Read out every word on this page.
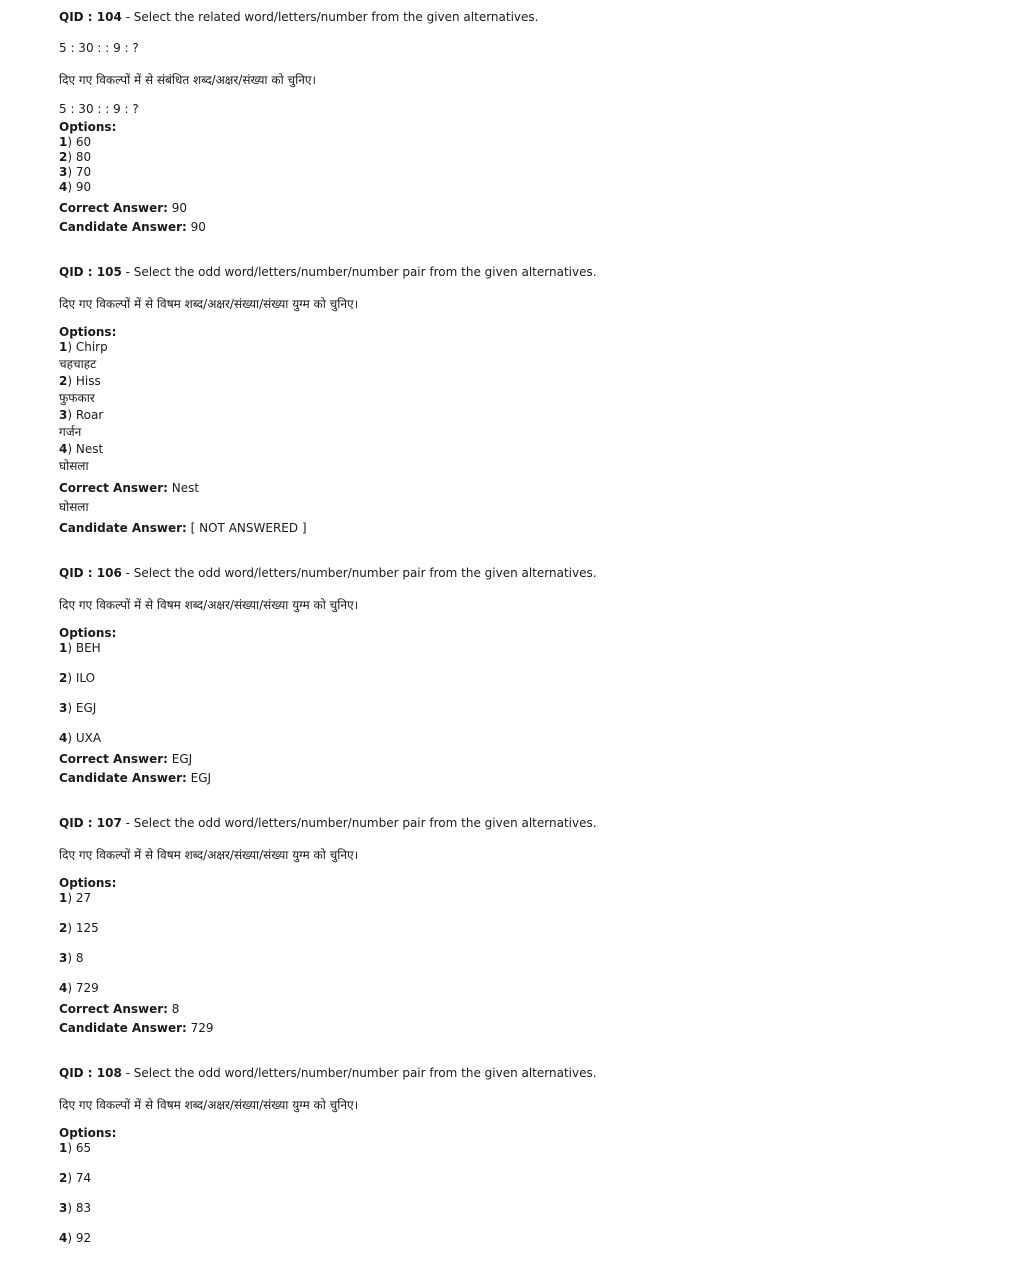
QID : 104 - Select the related word/letters/number from the given alternatives.
5 : 30 : : 9 : ?
दिए गए विकल्पों में से संबंधित शब्द/अक्षर/संख्या को चुनिए।
5 : 30 : : 9 : ?
Options:
1) 60
2) 80
3) 70
4) 90
Correct Answer: 90
Candidate Answer: 90
QID : 105 - Select the odd word/letters/number/number pair from the given alternatives.
दिए गए विकल्पों में से विषम शब्द/अक्षर/संख्या/संख्या युग्म को चुनिए।
Options:
1) Chirp
चहचाहट
2) Hiss
फुफकार
3) Roar
गर्जन
4) Nest
घोसला
Correct Answer: Nest
घोसला
Candidate Answer: [ NOT ANSWERED ]
QID : 106 - Select the odd word/letters/number/number pair from the given alternatives.
दिए गए विकल्पों में से विषम शब्द/अक्षर/संख्या/संख्या युग्म को चुनिए।
Options:
1) BEH
2) ILO
3) EGJ
4) UXA
Correct Answer: EGJ
Candidate Answer: EGJ
QID : 107 - Select the odd word/letters/number/number pair from the given alternatives.
दिए गए विकल्पों में से विषम शब्द/अक्षर/संख्या/संख्या युग्म को चुनिए।
Options:
1) 27
2) 125
3) 8
4) 729
Correct Answer: 8
Candidate Answer: 729
QID : 108 - Select the odd word/letters/number/number pair from the given alternatives.
दिए गए विकल्पों में से विषम शब्द/अक्षर/संख्या/संख्या युग्म को चुनिए।
Options:
1) 65
2) 74
3) 83
4) 92
